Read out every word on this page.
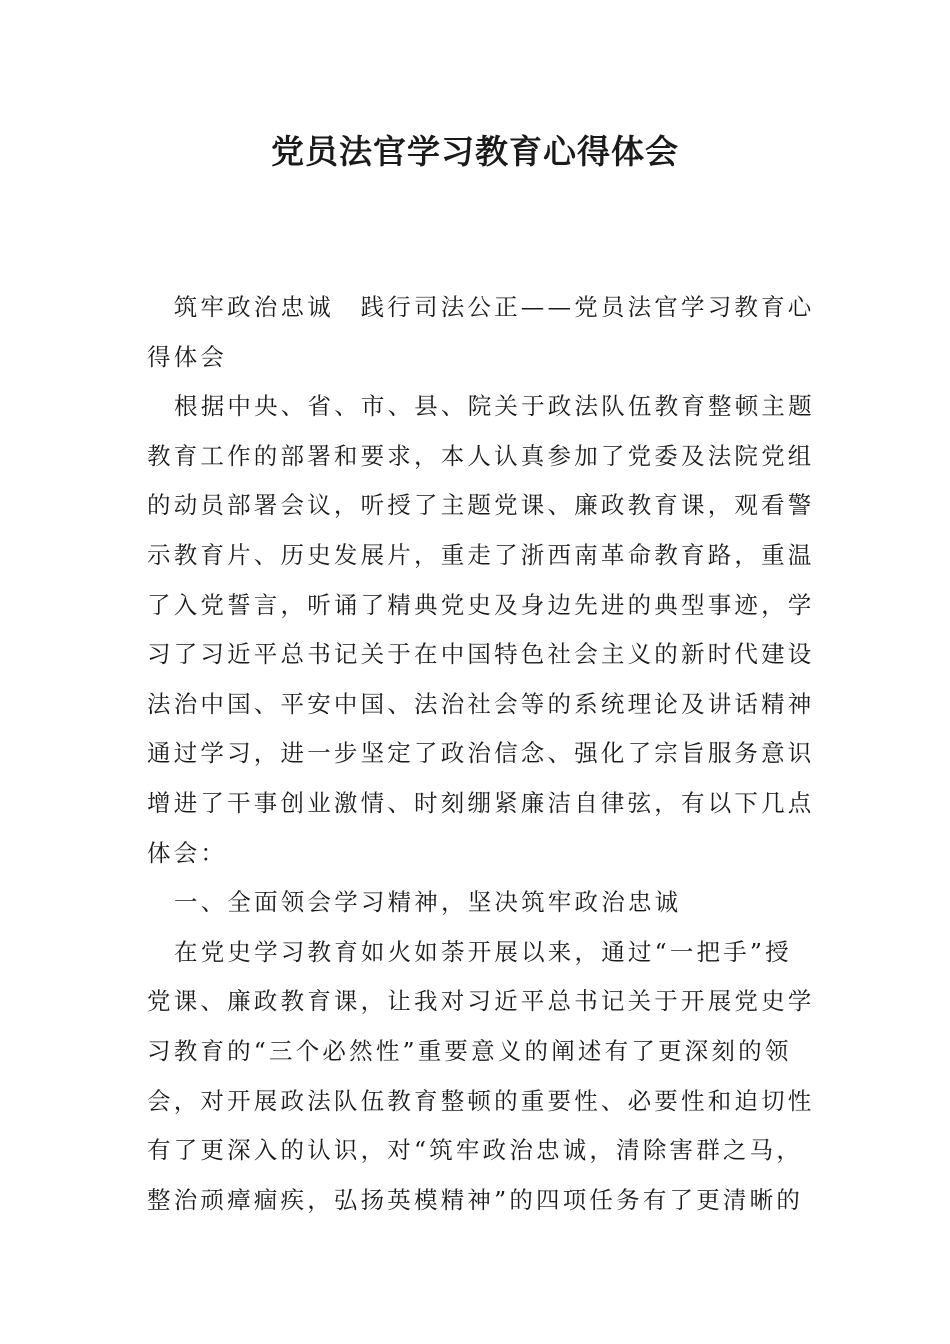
党员法官学习教育心得体会
　筑牢政治忠诚　践行司法公正——党员法官学习教育心
得体会
根据中央、省、市、县、院关于政法队伍教育整顿主题
教育工作的部署和要求，本人认真参加了党委及法院党组
的动员部署会议，听授了主题党课、廉政教育课，观看警
示教育片、历史发展片，重走了浙西南革命教育路，重温
了入党誓言，听诵了精典党史及身边先进的典型事迹，学
习了习近平总书记关于在中国特色社会主义的新时代建设
法治中国、平安中国、法治社会等的系统理论及讲话精神
通过学习，进一步坚定了政治信念、强化了宗旨服务意识
增进了干事创业激情、时刻绷紧廉洁自律弦，有以下几点
体会：
一、全面领会学习精神，坚决筑牢政治忠诚
在党史学习教育如火如荼开展以来，通过“一把手”授
党课、廉政教育课，让我对习近平总书记关于开展党史学
习教育的“三个必然性”重要意义的阐述有了更深刻的领
会，对开展政法队伍教育整顿的重要性、必要性和迫切性
有了更深入的认识，对“筑牢政治忠诚，清除害群之马，
整治顽瘴痼疾，弘扬英模精神”的四项任务有了更清晰的
